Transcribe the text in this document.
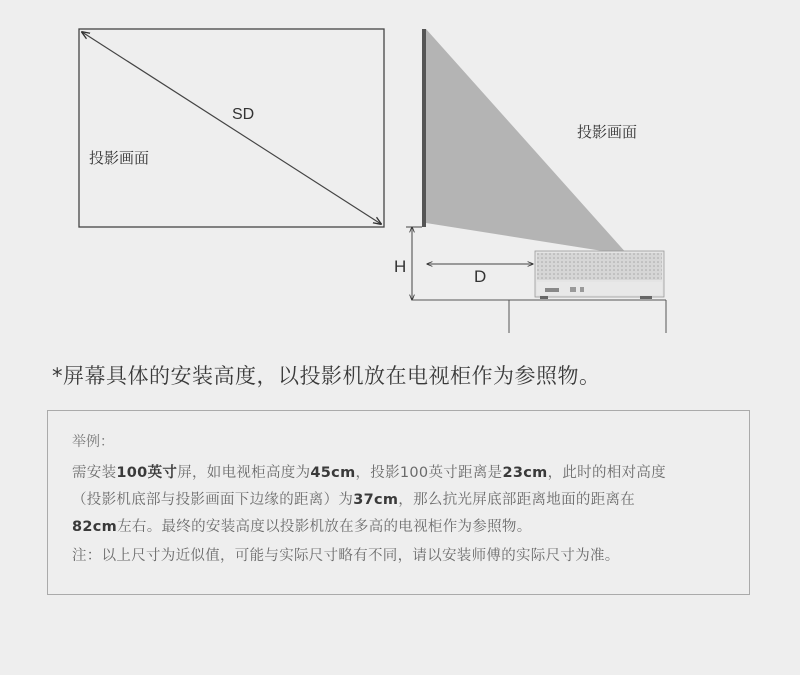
SD
投影画面
投影画面
H
D
*屏幕具体的安装高度，以投影机放在电视柜作为参照物。
举例：
需安装100英寸屏，如电视柜高度为45cm，投影100英寸距离是23cm，此时的相对高度
（投影机底部与投影画面下边缘的距离）为37cm，那么抗光屏底部距离地面的距离在
82cm左右。最终的安装高度以投影机放在多高的电视柜作为参照物。
注：以上尺寸为近似值，可能与实际尺寸略有不同，请以安装师傅的实际尺寸为准。
